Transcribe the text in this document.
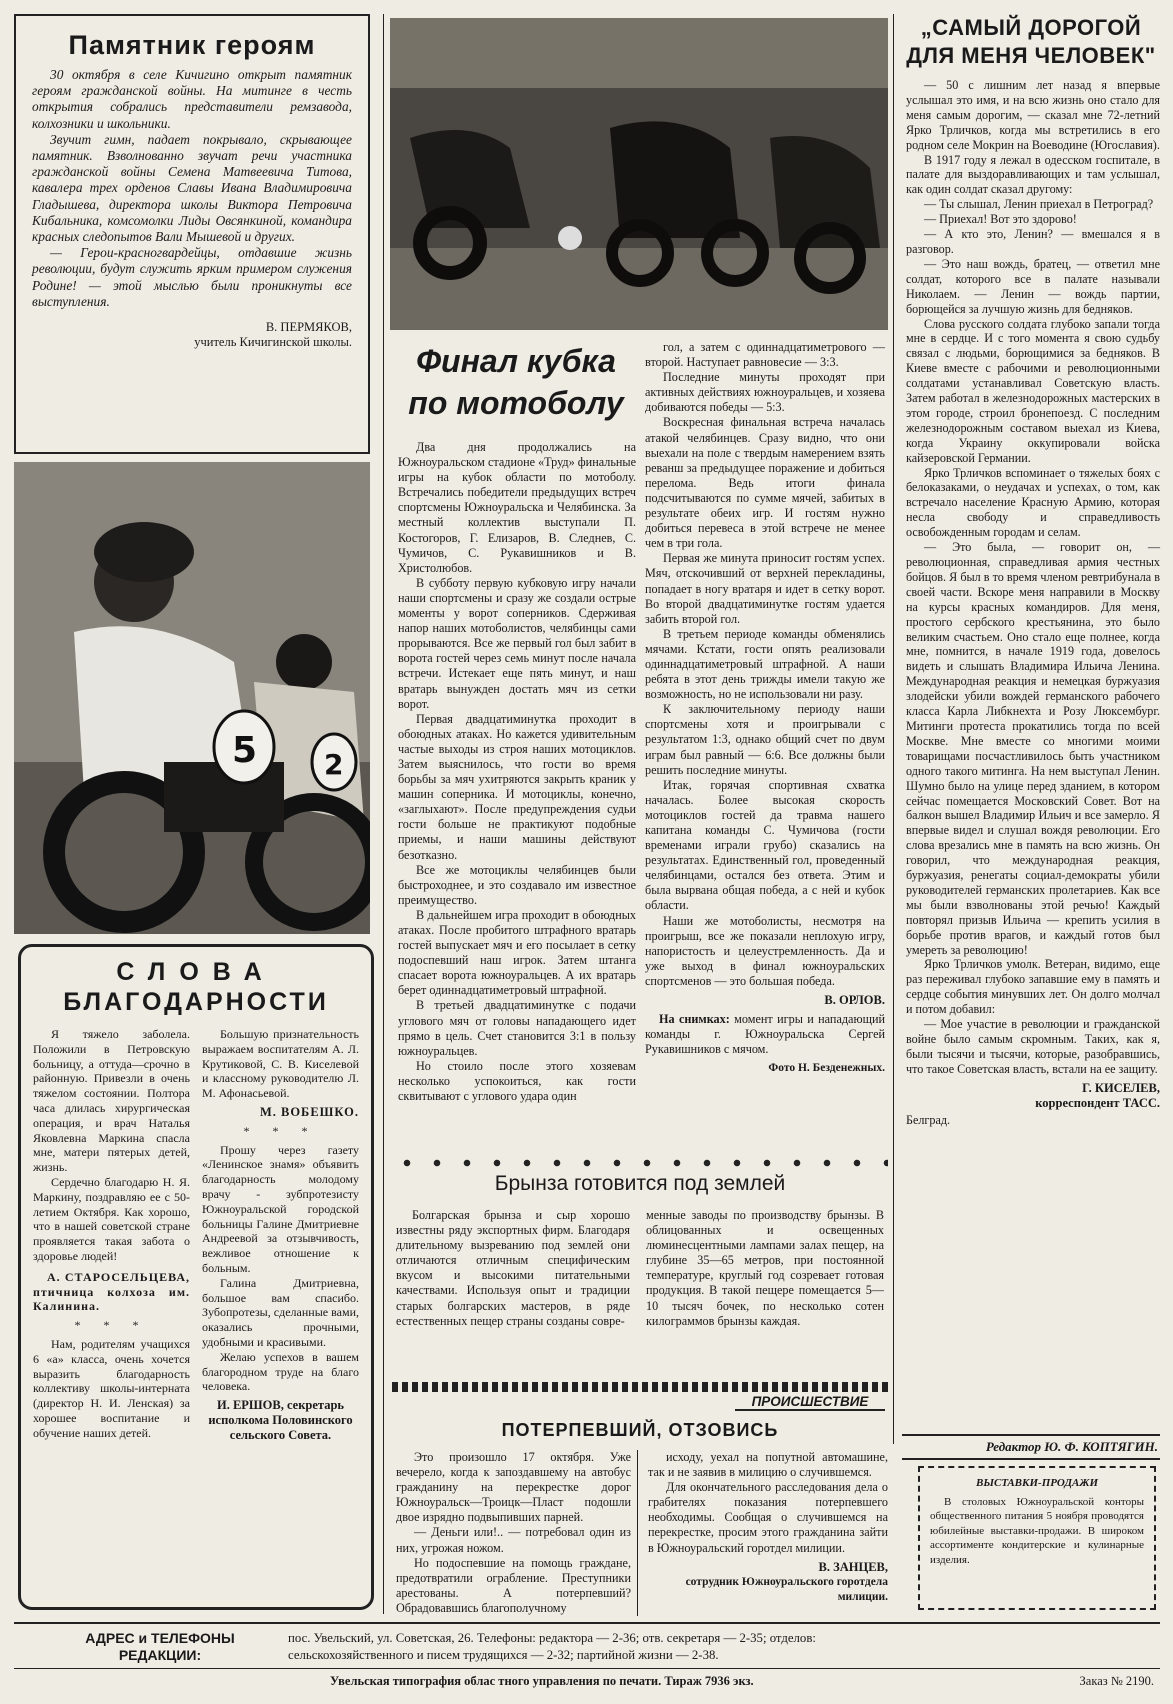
Памятник героям

30 октября в селе Кичигино открыт памятник героям гражданской войны. На митинге в честь открытия собрались представители ремзавода, колхозники и школьники.

Звучит гимн, падает покрывало, скрывающее памятник. Взволнованно звучат речи участника гражданской войны Семена Матвеевича Титова, кавалера трех орденов Славы Ивана Владимировича Гладышева, директора школы Виктора Петровича Кибальника, комсомолки Лиды Овсянкиной, командира красных следопытов Вали Мышевой и других.

— Герои-красногвардейцы, отдавшие жизнь революции, будут служить ярким примером служения Родине! — этой мыслью были проникнуты все выступления.

В. ПЕРМЯКОВ,
учитель Кичигинской школы.
5 2
СЛОВА
БЛАГОДАРНОСТИ

Я тяжело заболела. Положили в Петровскую больницу, а оттуда—срочно в районную. Привезли в очень тяжелом состоянии. Полтора часа длилась хирургическая операция, и врач Наталья Яковлевна Маркина спасла мне, матери пятерых детей, жизнь.

Сердечно благодарю Н. Я. Маркину, поздравляю ее с 50-летием Октября. Как хорошо, что в нашей советской стране проявляется такая забота о здоровье людей!

А. СТАРОСЕЛЬЦЕВА, птичница колхоза им. Калинина.
* * *

Нам, родителям учащихся 6 «а» класса, очень хочется выразить благодарность коллективу школы-интерната (директор Н. И. Ленская) за хорошее воспитание и обучение наших детей.

Большую признательность выражаем воспитателям А. Л. Крутиковой, С. В. Киселевой и классному руководителю Л. М. Афонасьевой.

М. ВОБЕШКО.
* * *

Прошу через газету «Ленинское знамя» объявить благодарность молодому врачу - зубпротезисту Южноуральской городской больницы Галине Дмитриевне Андреевой за отзывчивость, вежливое отношение к больным.

Галина Дмитриевна, большое вам спасибо. Зубопротезы, сделанные вами, оказались прочными, удобными и красивыми.

Желаю успехов в вашем благородном труде на благо человека.

И. ЕРШОВ, секретарь исполкома Половинского сельского Совета.
Финал кубка
по мотоболу

Два дня продолжались на Южноуральском стадионе «Труд» финальные игры на кубок области по мотоболу. Встречались победители предыдущих встреч спортсмены Южноуральска и Челябинска. За местный коллектив выступали П. Костогоров, Г. Елизаров, В. Следнев, С. Чумичов, С. Рукавишников и В. Христолюбов.

В субботу первую кубковую игру начали наши спортсмены и сразу же создали острые моменты у ворот соперников. Сдерживая напор наших мотоболистов, челябинцы сами прорываются. Все же первый гол был забит в ворота гостей через семь минут после начала встречи. Истекает еще пять минут, и наш вратарь вынужден достать мяч из сетки ворот.

Первая двадцатиминутка проходит в обоюдных атаках. Но кажется удивительным частые выходы из строя наших мотоциклов. Затем выяснилось, что гости во время борьбы за мяч ухитряются закрыть краник у машин соперника. И мотоциклы, конечно, «заглыхают». После предупреждения судьи гости больше не практикуют подобные приемы, и наши машины действуют безотказно.

Все же мотоциклы челябинцев были быстроходнее, и это создавало им известное преимущество.

В дальнейшем игра проходит в обоюдных атаках. После пробитого штрафного вратарь гостей выпускает мяч и его посылает в сетку подоспевший наш игрок. Затем штанга спасает ворота южноуральцев. А их вратарь берет одиннадцатиметровый штрафной.

В третьей двадцатиминутке с подачи углового мяч от головы нападающего идет прямо в цель. Счет становится 3:1 в пользу южноуральцев.

Но стоило после этого хозяевам несколько успокоиться, как гости сквитывают с углового удара один

гол, а затем с одиннадцатиметрового — второй. Наступает равновесие — 3:3.

Последние минуты проходят при активных действиях южноуральцев, и хозяева добиваются победы — 5:3.

Воскресная финальная встреча началась атакой челябинцев. Сразу видно, что они выехали на поле с твердым намерением взять реванш за предыдущее поражение и добиться перелома. Ведь итоги финала подсчитываются по сумме мячей, забитых в результате обеих игр. И гостям нужно добиться перевеса в этой встрече не менее чем в три гола.

Первая же минута приносит гостям успех. Мяч, отскочивший от верхней перекладины, попадает в ногу вратаря и идет в сетку ворот. Во второй двадцатиминутке гостям удается забить второй гол.

В третьем периоде команды обменялись мячами. Кстати, гости опять реализовали одиннадцатиметровый штрафной. А наши ребята в этот день трижды имели такую же возможность, но не использовали ни разу.

К заключительному периоду наши спортсмены хотя и проигрывали с результатом 1:3, однако общий счет по двум играм был равный — 6:6. Все должны были решить последние минуты.

Итак, горячая спортивная схватка началась. Более высокая скорость мотоциклов гостей да травма нашего капитана команды С. Чумичова (гости временами играли грубо) сказались на результатах. Единственный гол, проведенный челябинцами, остался без ответа. Этим и была вырвана общая победа, а с ней и кубок области.

Наши же мотоболисты, несмотря на проигрыш, все же показали неплохую игру, напористость и целеустремленность. Да и уже выход в финал южноуральских спортсменов — это большая победа.

В. ОРЛОВ.

На снимках: момент игры и нападающий команды г. Южноуральска Сергей Рукавишников с мячом.

Фото Н. Безденежных.
Брынза готовится под землей
Болгарская брынза и сыр хорошо известны ряду экспортных фирм. Благодаря длительному вызреванию под землей они отличаются отличным специфическим вкусом и высокими питательными качествами. Используя опыт и традиции старых болгарских мастеров, в ряде естественных пещер страны созданы совре-
менные заводы по производству брынзы. В облицованных и освещенных люминесцентными лампами залах пещер, на глубине 35—65 метров, при постоянной температуре, круглый год созревает готовая продукция. В такой пещере помещается 5—10 тысяч бочек, по несколько сотен килограммов брынзы каждая.
ПРОИСШЕСТВИЕ
ПОТЕРПЕВШИЙ, ОТЗОВИСЬ

Это произошло 17 октября. Уже вечерело, когда к запоздавшему на автобус гражданину на перекрестке дорог Южноуральск—Троицк—Пласт подошли двое изрядно подвыпивших парней.

— Деньги или!.. — потребовал один из них, угрожая ножом.

Но подоспевшие на помощь граждане, предотвратили ограбление. Преступники арестованы. А потерпевший? Обрадовавшись благополучному

исходу, уехал на попутной автомашине, так и не заявив в милицию о случившемся.

Для окончательного расследования дела о грабителях показания потерпевшего необходимы. Сообщая о случившемся на перекрестке, просим этого гражданина зайти в Южноуральский горотдел милиции.

В. ЗАНЦЕВ,
сотрудник Южноуральского горотдела милиции.
„САМЫЙ ДОРОГОЙ
ДЛЯ МЕНЯ ЧЕЛОВЕК"

— 50 с лишним лет назад я впервые услышал это имя, и на всю жизнь оно стало для меня самым дорогим, — сказал мне 72-летний Ярко Трличков, когда мы встретились в его родном селе Мокрин на Воеводине (Югославия).

В 1917 году я лежал в одесском госпитале, в палате для выздоравливающих и там услышал, как один солдат сказал другому:

— Ты слышал, Ленин приехал в Петроград?

— Приехал! Вот это здорово!

— А кто это, Ленин? — вмешался я в разговор.

— Это наш вождь, братец, — ответил мне солдат, которого все в палате называли Николаем. — Ленин — вождь партии, борющейся за лучшую жизнь для бедняков.

Слова русского солдата глубоко запали тогда мне в сердце. И с того момента я свою судьбу связал с людьми, борющимися за бедняков. В Киеве вместе с рабочими и революционными солдатами устанавливал Советскую власть. Затем работал в железнодорожных мастерских в этом городе, строил бронепоезд. С последним железнодорожным составом выехал из Киева, когда Украину оккупировали войска кайзеровской Германии.

Ярко Трличков вспоминает о тяжелых боях с белоказаками, о неудачах и успехах, о том, как встречало население Красную Армию, которая несла свободу и справедливость освобожденным городам и селам.

— Это была, — говорит он, — революционная, справедливая армия честных бойцов. Я был в то время членом ревтрибунала в своей части. Вскоре меня направили в Москву на курсы красных командиров. Для меня, простого сербского крестьянина, это было великим счастьем. Оно стало еще полнее, когда мне, помнится, в начале 1919 года, довелось видеть и слышать Владимира Ильича Ленина. Международная реакция и немецкая буржуазия злодейски убили вождей германского рабочего класса Карла Либкнехта и Розу Люксембург. Митинги протеста прокатились тогда по всей Москве. Мне вместе со многими моими товарищами посчастливилось быть участником одного такого митинга. На нем выступал Ленин. Шумно было на улице перед зданием, в котором сейчас помещается Московский Совет. Вот на балкон вышел Владимир Ильич и все замерло. Я впервые видел и слушал вождя революции. Его слова врезались мне в память на всю жизнь. Он говорил, что международная реакция, буржуазия, ренегаты социал-демократы убили руководителей германских пролетариев. Как все мы были взволнованы этой речью! Каждый повторял призыв Ильича — крепить усилия в борьбе против врагов, и каждый готов был умереть за революцию!

Ярко Трличков умолк. Ветеран, видимо, еще раз переживал глубоко запавшие ему в память и сердце события минувших лет. Он долго молчал и потом добавил:

— Мое участие в революции и гражданской войне было самым скромным. Таких, как я, были тысячи и тысячи, которые, разобравшись, что такое Советская власть, встали на ее защиту.

Г. КИСЕЛЕВ,
корреспондент ТАСС.
Белград.
Редактор Ю. Ф. КОПТЯГИН.
ВЫСТАВКИ-ПРОДАЖИ
В столовых Южноуральской конторы общественного питания 5 ноября проводятся юбилейные выставки-продажи. В широком ассортименте кондитерские и кулинарные изделия.
АДРЕС и ТЕЛЕФОНЫ
РЕДАКЦИИ:
пос. Увельский, ул. Советская, 26. Телефоны: редактора — 2-36; отв. секретаря — 2-35; отделов:
сельскохозяйственного и писем трудящихся — 2-32; партийной жизни — 2-38.
Увельская типография облас тного управления по печати. Тираж 7936 экз.	Заказ № 2190.
